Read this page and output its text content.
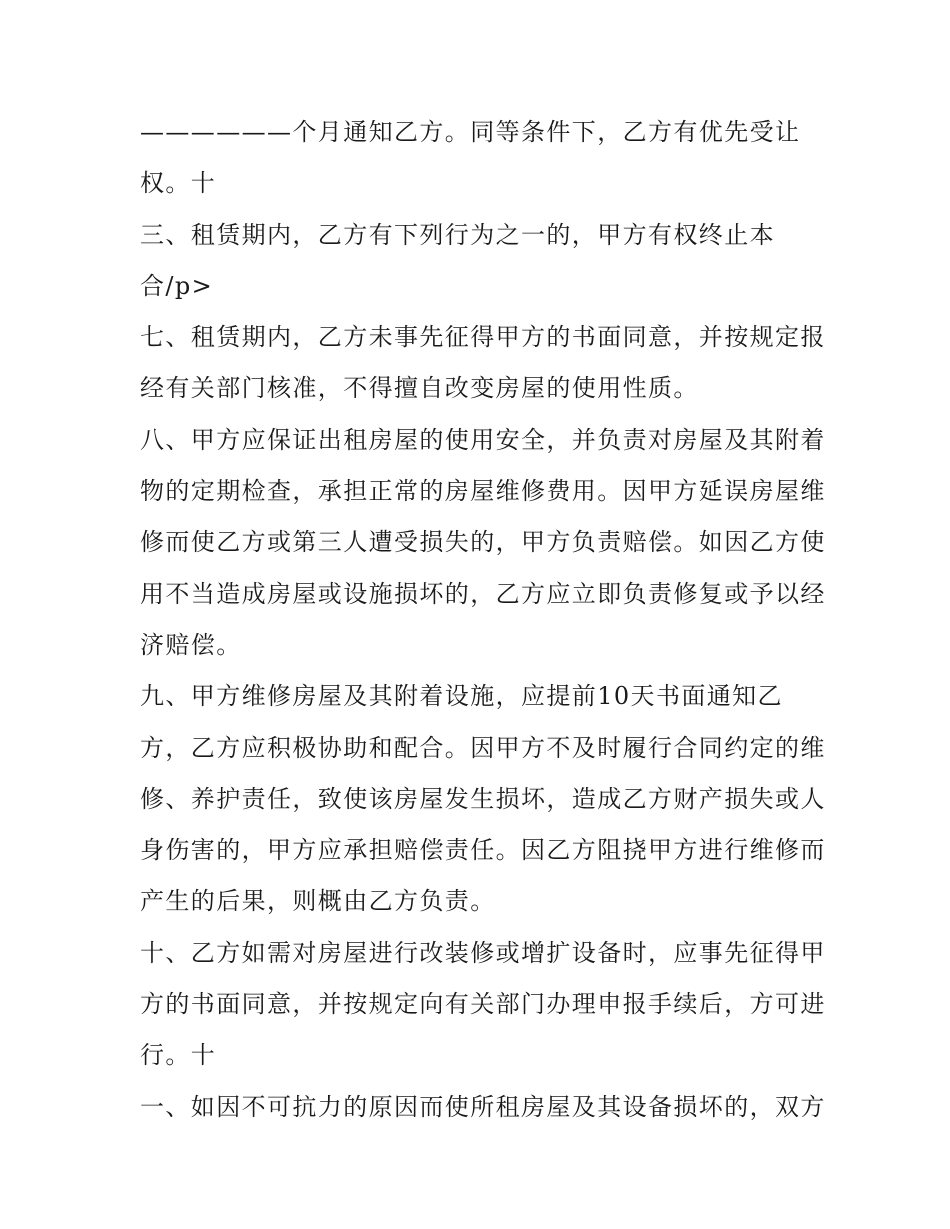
——————个月通知乙方。同等条件下，乙方有优先受让
权。十
三、租赁期内，乙方有下列行为之一的，甲方有权终止本
合/p>
七、租赁期内，乙方未事先征得甲方的书面同意，并按规定报
经有关部门核准，不得擅自改变房屋的使用性质。
八、甲方应保证出租房屋的使用安全，并负责对房屋及其附着
物的定期检查，承担正常的房屋维修费用。因甲方延误房屋维
修而使乙方或第三人遭受损失的，甲方负责赔偿。如因乙方使
用不当造成房屋或设施损坏的，乙方应立即负责修复或予以经
济赔偿。
九、甲方维修房屋及其附着设施，应提前10天书面通知乙
方，乙方应积极协助和配合。因甲方不及时履行合同约定的维
修、养护责任，致使该房屋发生损坏，造成乙方财产损失或人
身伤害的，甲方应承担赔偿责任。因乙方阻挠甲方进行维修而
产生的后果，则概由乙方负责。
十、乙方如需对房屋进行改装修或增扩设备时，应事先征得甲
方的书面同意，并按规定向有关部门办理申报手续后，方可进
行。十
一、如因不可抗力的原因而使所租房屋及其设备损坏的，双方
